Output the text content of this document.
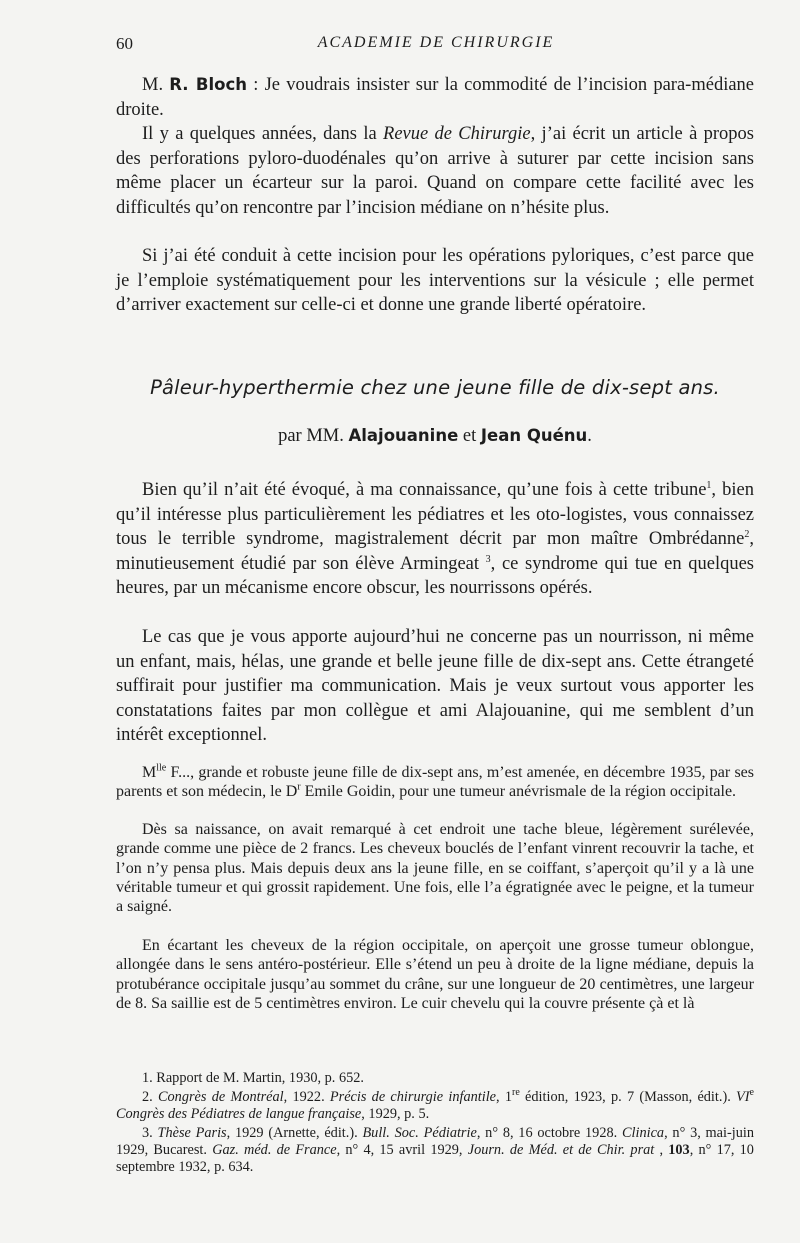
60	ACADEMIE DE CHIRURGIE

M. R. Bloch : Je voudrais insister sur la commodité de l’incision para-médiane droite.

Il y a quelques années, dans la Revue de Chirurgie, j’ai écrit un article à propos des perforations pyloro-duodénales qu’on arrive à suturer par cette incision sans même placer un écarteur sur la paroi. Quand on compare cette facilité avec les difficultés qu’on rencontre par l’incision médiane on n’hésite plus.

Si j’ai été conduit à cette incision pour les opérations pyloriques, c’est parce que je l’emploie systématiquement pour les interventions sur la vésicule ; elle permet d’arriver exactement sur celle-ci et donne une grande liberté opératoire.

Pâleur-hyperthermie chez une jeune fille de dix-sept ans.

par MM. Alajouanine et Jean Quénu.

Bien qu’il n’ait été évoqué, à ma connaissance, qu’une fois à cette tribune$^1$, bien qu’il intéresse plus particulièrement les pédiatres et les oto-logistes, vous connaissez tous le terrible syndrome, magistralement décrit par mon maître Ombrédanne$^2$, minutieusement étudié par son élève Armingeat $^3$, ce syndrome qui tue en quelques heures, par un mécanisme encore obscur, les nourrissons opérés.

Le cas que je vous apporte aujourd’hui ne concerne pas un nourrisson, ni même un enfant, mais, hélas, une grande et belle jeune fille de dix-sept ans. Cette étrangeté suffirait pour justifier ma communication. Mais je veux surtout vous apporter les constatations faites par mon collègue et ami Alajouanine, qui me semblent d’un intérêt exceptionnel.

$M^{lle}$ F..., grande et robuste jeune fille de dix-sept ans, m’est amenée, en décembre 1935, par ses parents et son médecin, le $D^r$ Emile Goidin, pour une tumeur anévrismale de la région occipitale.

Dès sa naissance, on avait remarqué à cet endroit une tache bleue, légèrement surélevée, grande comme une pièce de 2 francs. Les cheveux bouclés de l’enfant vinrent recouvrir la tache, et l’on n’y pensa plus. Mais depuis deux ans la jeune fille, en se coiffant, s’aperçoit qu’il y a là une véritable tumeur et qui grossit rapidement. Une fois, elle l’a égratignée avec le peigne, et la tumeur a saigné.

En écartant les cheveux de la région occipitale, on aperçoit une grosse tumeur oblongue, allongée dans le sens antéro-postérieur. Elle s’étend un peu à droite de la ligne médiane, depuis la protubérance occipitale jusqu’au sommet du crâne, sur une longueur de 20 centimètres, une largeur de 8. Sa saillie est de 5 centimètres environ. Le cuir chevelu qui la couvre présente çà et là

1. Rapport de M. Martin, 1930, p. 652.

2. Congrès de Montréal, 1922. Précis de chirurgie infantile, 1re édition, 1923, p. 7 (Masson, édit.). VIe Congrès des Pédiatres de langue française, 1929, p. 5.

3. Thèse Paris, 1929 (Arnette, édit.). Bull. Soc. Pédiatrie, n° 8, 16 octobre 1928. Clinica, n° 3, mai-juin 1929, Bucarest. Gaz. méd. de France, n° 4, 15 avril 1929, Journ. de Méd. et de Chir. prat , 103, n° 17, 10 septembre 1932, p. 634.
